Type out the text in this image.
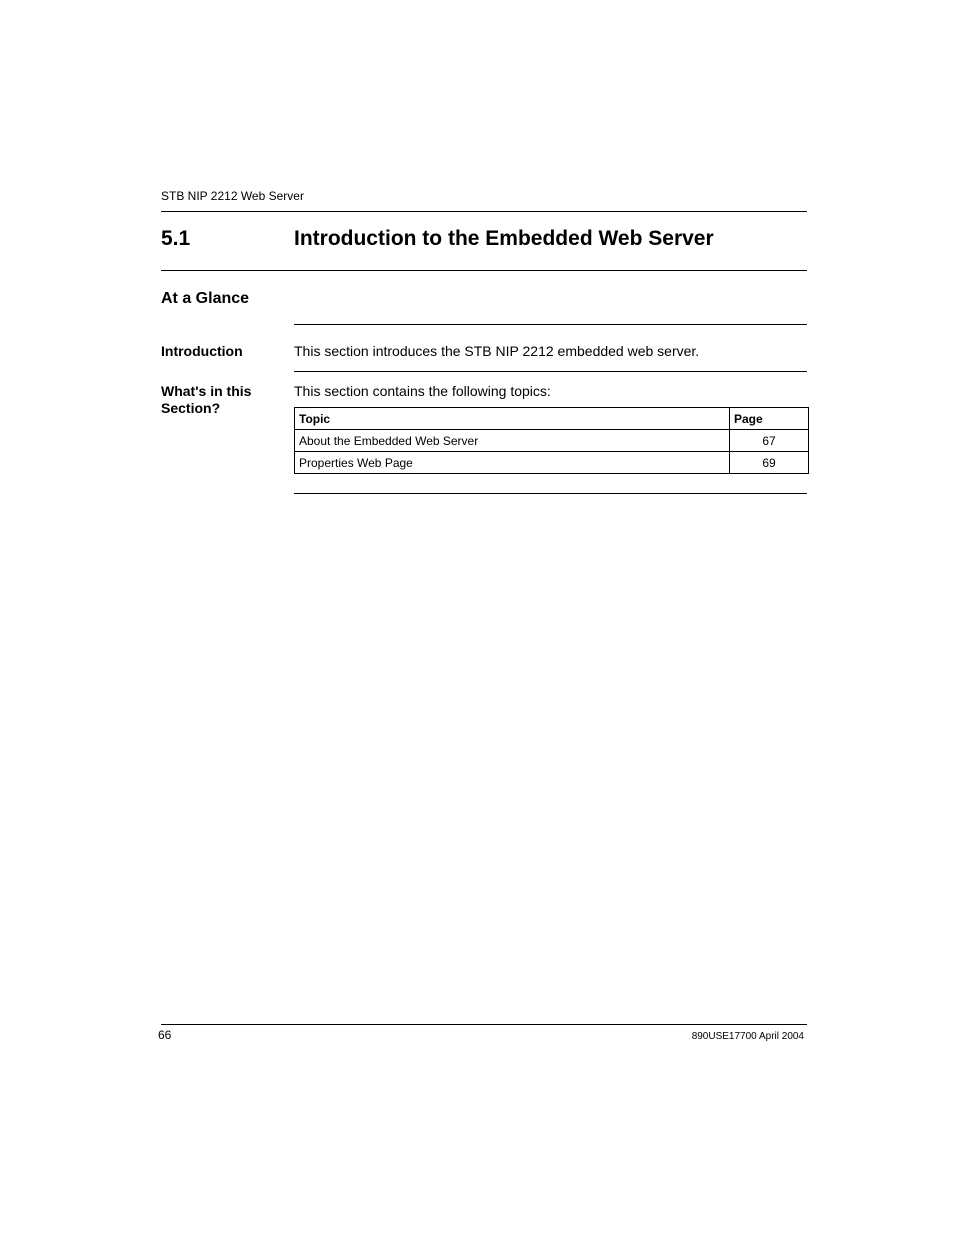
STB NIP 2212 Web Server
5.1	Introduction to the Embedded Web Server
At a Glance
Introduction	This section introduces the STB NIP 2212 embedded web server.
What's in this
Section?
This section contains the following topics:
Topic	Page
About the Embedded Web Server	67
Properties Web Page	69
66	890USE17700 April 2004
